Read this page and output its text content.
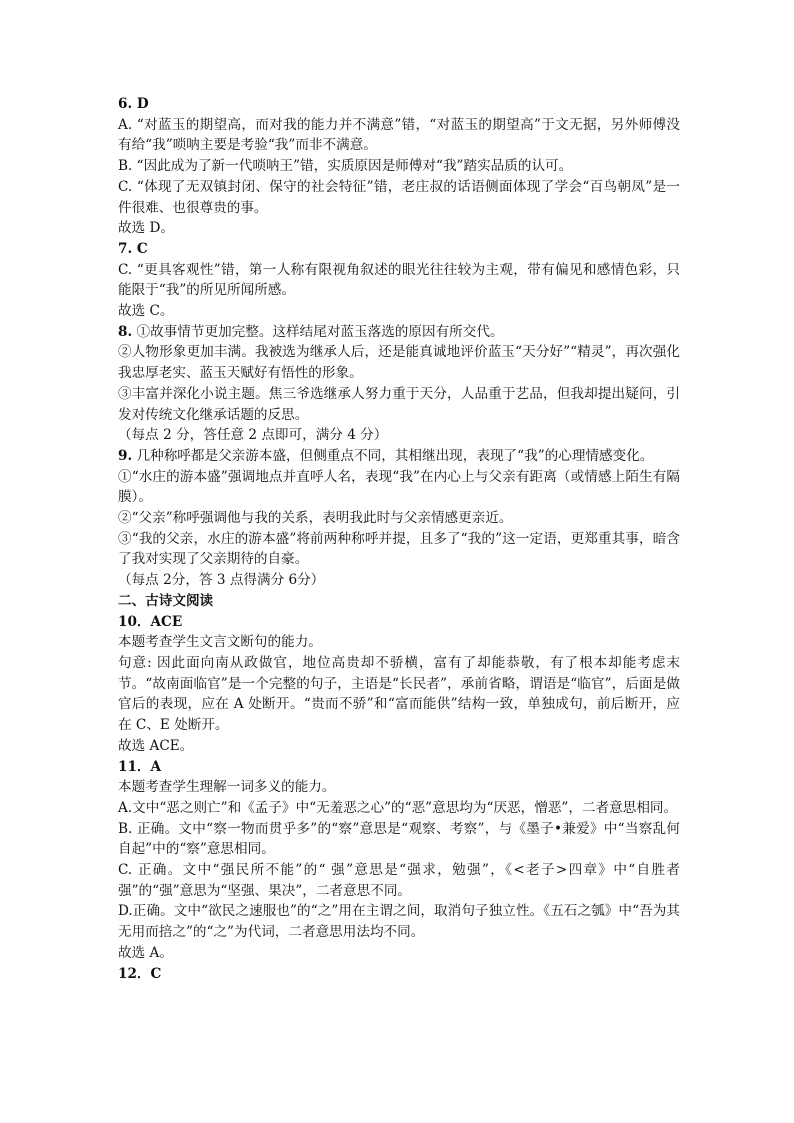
6. D

A. “对蓝玉的期望高，而对我的能力并不满意”错，“对蓝玉的期望高”于文无据，另外师傅没有给“我”唢呐主要是考验“我”而非不满意。

B. “因此成为了新一代唢呐王”错，实质原因是师傅对“我”踏实品质的认可。

C. “体现了无双镇封闭、保守的社会特征”错，老庄叔的话语侧面体现了学会“百鸟朝凤”是一件很难、也很尊贵的事。

故选 D。

7. C

C. “更具客观性”错，第一人称有限视角叙述的眼光往往较为主观，带有偏见和感情色彩，只能限于“我”的所见所闻所感。

故选 C。

8. ①故事情节更加完整。这样结尾对蓝玉落选的原因有所交代。

②人物形象更加丰满。我被选为继承人后，还是能真诚地评价蓝玉“天分好”“精灵”，再次强化我忠厚老实、蓝玉天赋好有悟性的形象。

③丰富并深化小说主题。焦三爷选继承人努力重于天分，人品重于艺品，但我却提出疑问，引发对传统文化继承话题的反思。

（每点 2 分，答任意 2 点即可，满分 4 分）

9. 几种称呼都是父亲游本盛，但侧重点不同，其相继出现，表现了“我”的心理情感变化。

①“水庄的游本盛”强调地点并直呼人名，表现“我”在内心上与父亲有距离（或情感上陌生有隔膜）。

②“父亲”称呼强调他与我的关系，表明我此时与父亲情感更亲近。

③“我的父亲，水庄的游本盛”将前两种称呼并提，且多了“我的”这一定语，更郑重其事，暗含了我对实现了父亲期待的自豪。

（每点 2分，答 3 点得满分 6分）

二、古诗文阅读

10．ACE

本题考查学生文言文断句的能力。

句意: 因此面向南从政做官，地位高贵却不骄横，富有了却能恭敬，有了根本却能考虑末节。“故南面临官”是一个完整的句子，主语是“长民者”，承前省略，谓语是“临官”，后面是做官后的表现，应在 A 处断开。“贵而不骄”和“富而能供”结构一致，单独成句，前后断开，应在 C、E 处断开。

故选 ACE。

11．A

本题考查学生理解一词多义的能力。

A.文中“恶之则亡”和《孟子》中“无羞恶之心”的“恶”意思均为“厌恶，憎恶”，二者意思相同。

B. 正确。文中“察一物而贯乎多”的“察”意思是“观察、考察”，与《墨子•兼爱》中“当察乱何自起”中的“察”意思相同。

C. 正确。文中“强民所不能”的“ 强”意思是“强求，勉强”，《<老子>四章》中“自胜者强”的“强”意思为“坚强、果决”，二者意思不同。

D.正确。文中“欲民之速服也”的“之”用在主谓之间，取消句子独立性。《五石之瓠》中“吾为其无用而掊之”的“之”为代词，二者意思用法均不同。

故选 A。

12．C
